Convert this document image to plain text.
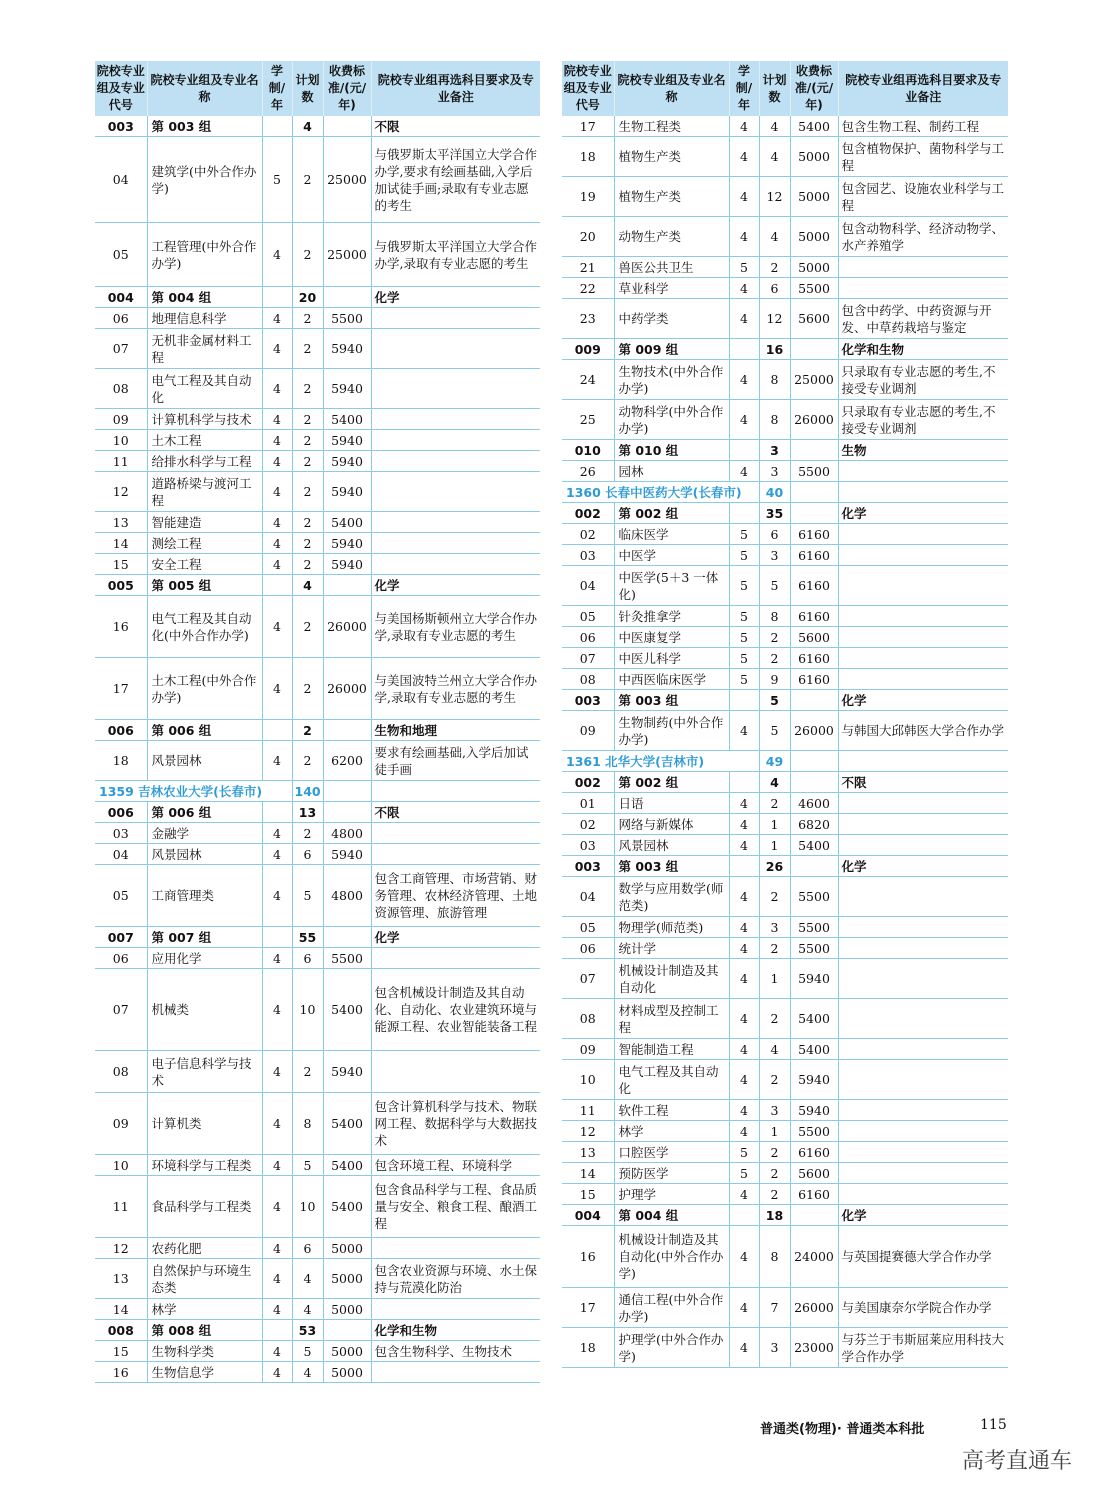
院校专业组及专业代号	院校专业组及专业名称	学制/年	计划数	收费标准/(元/年)	院校专业组再选科目要求及专业备注
003	第 003 组		4		不限
04	建筑学(中外合作办学)	5	2	25000	与俄罗斯太平洋国立大学合作办学,要求有绘画基础,入学后加试徒手画;录取有专业志愿的考生
05	工程管理(中外合作办学)	4	2	25000	与俄罗斯太平洋国立大学合作办学,录取有专业志愿的考生
004	第 004 组		20		化学
06	地理信息科学	4	2	5500	
07	无机非金属材料工程	4	2	5940	
08	电气工程及其自动化	4	2	5940	
09	计算机科学与技术	4	2	5400	
10	土木工程	4	2	5940	
11	给排水科学与工程	4	2	5940	
12	道路桥梁与渡河工程	4	2	5940	
13	智能建造	4	2	5400	
14	测绘工程	4	2	5940	
15	安全工程	4	2	5940	
005	第 005 组		4		化学
16	电气工程及其自动化(中外合作办学)	4	2	26000	与美国杨斯顿州立大学合作办学,录取有专业志愿的考生
17	土木工程(中外合作办学)	4	2	26000	与美国波特兰州立大学合作办学,录取有专业志愿的考生
006	第 006 组		2		生物和地理
18	风景园林	4	2	6200	要求有绘画基础,入学后加试徒手画
1359 吉林农业大学(长春市)			140		
006	第 006 组		13		不限
03	金融学	4	2	4800	
04	风景园林	4	6	5940	
05	工商管理类	4	5	4800	包含工商管理、市场营销、财务管理、农林经济管理、土地资源管理、旅游管理
007	第 007 组		55		化学
06	应用化学	4	6	5500	
07	机械类	4	10	5400	包含机械设计制造及其自动化、自动化、农业建筑环境与能源工程、农业智能装备工程
08	电子信息科学与技术	4	2	5940	
09	计算机类	4	8	5400	包含计算机科学与技术、物联网工程、数据科学与大数据技术
10	环境科学与工程类	4	5	5400	包含环境工程、环境科学
11	食品科学与工程类	4	10	5400	包含食品科学与工程、食品质量与安全、粮食工程、酿酒工程
12	农药化肥	4	6	5000	
13	自然保护与环境生态类	4	4	5000	包含农业资源与环境、水土保持与荒漠化防治
14	林学	4	4	5000	
008	第 008 组		53		化学和生物
15	生物科学类	4	5	5000	包含生物科学、生物技术
16	生物信息学	4	4	5000	
院校专业组及专业代号	院校专业组及专业名称	学制/年	计划数	收费标准/(元/年)	院校专业组再选科目要求及专业备注
17	生物工程类	4	4	5400	包含生物工程、制药工程
18	植物生产类	4	4	5000	包含植物保护、菌物科学与工程
19	植物生产类	4	12	5000	包含园艺、设施农业科学与工程
20	动物生产类	4	4	5000	包含动物科学、经济动物学、水产养殖学
21	兽医公共卫生	5	2	5000	
22	草业科学	4	6	5500	
23	中药学类	4	12	5600	包含中药学、中药资源与开发、中草药栽培与鉴定
009	第 009 组		16		化学和生物
24	生物技术(中外合作办学)	4	8	25000	只录取有专业志愿的考生,不接受专业调剂
25	动物科学(中外合作办学)	4	8	26000	只录取有专业志愿的考生,不接受专业调剂
010	第 010 组		3		生物
26	园林	4	3	5500	
1360 长春中医药大学(长春市)			40		
002	第 002 组		35		化学
02	临床医学	5	6	6160	
03	中医学	5	3	6160	
04	中医学(5＋3 一体化)	5	5	6160	
05	针灸推拿学	5	8	6160	
06	中医康复学	5	2	5600	
07	中医儿科学	5	2	6160	
08	中西医临床医学	5	9	6160	
003	第 003 组		5		化学
09	生物制药(中外合作办学)	4	5	26000	与韩国大邱韩医大学合作办学
1361 北华大学(吉林市)			49		
002	第 002 组		4		不限
01	日语	4	2	4600	
02	网络与新媒体	4	1	6820	
03	风景园林	4	1	5400	
003	第 003 组		26		化学
04	数学与应用数学(师范类)	4	2	5500	
05	物理学(师范类)	4	3	5500	
06	统计学	4	2	5500	
07	机械设计制造及其自动化	4	1	5940	
08	材料成型及控制工程	4	2	5400	
09	智能制造工程	4	4	5400	
10	电气工程及其自动化	4	2	5940	
11	软件工程	4	3	5940	
12	林学	4	1	5500	
13	口腔医学	5	2	6160	
14	预防医学	5	2	5600	
15	护理学	4	2	6160	
004	第 004 组		18		化学
16	机械设计制造及其自动化(中外合作办学)	4	8	24000	与英国提赛德大学合作办学
17	通信工程(中外合作办学)	4	7	26000	与美国康奈尔学院合作办学
18	护理学(中外合作办学)	4	3	23000	与芬兰于韦斯屈莱应用科技大学合作办学
普通类(物理)· 普通类本科批	115
高考直通车
